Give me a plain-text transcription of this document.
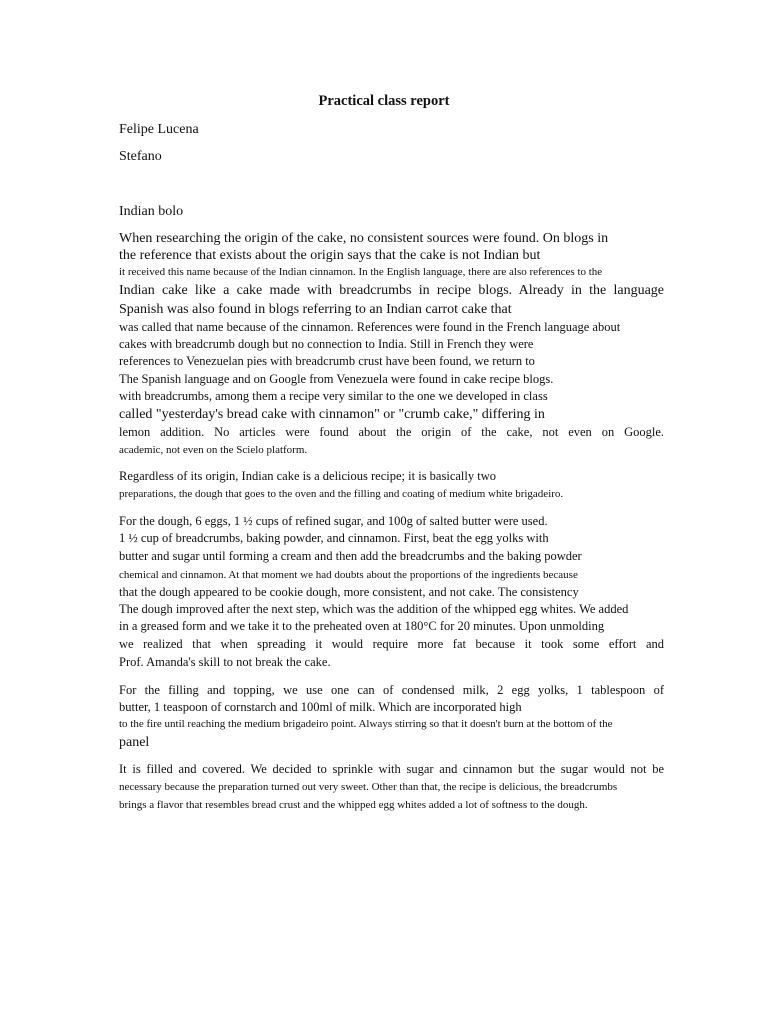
Practical class report
Felipe Lucena
Stefano
Indian bolo
When researching the origin of the cake, no consistent sources were found. On blogs in
the reference that exists about the origin says that the cake is not Indian but
it received this name because of the Indian cinnamon. In the English language, there are also references to the
Indian cake like a cake made with breadcrumbs in recipe blogs. Already in the language
Spanish was also found in blogs referring to an Indian carrot cake that
was called that name because of the cinnamon. References were found in the French language about
cakes with breadcrumb dough but no connection to India. Still in French they were
references to Venezuelan pies with breadcrumb crust have been found, we return to
The Spanish language and on Google from Venezuela were found in cake recipe blogs.
with breadcrumbs, among them a recipe very similar to the one we developed in class
called "yesterday's bread cake with cinnamon" or "crumb cake," differing in
lemon addition. No articles were found about the origin of the cake, not even on Google.
academic, not even on the Scielo platform.
Regardless of its origin, Indian cake is a delicious recipe; it is basically two
preparations, the dough that goes to the oven and the filling and coating of medium white brigadeiro.
For the dough, 6 eggs, 1 ½ cups of refined sugar, and 100g of salted butter were used.
1 ½ cup of breadcrumbs, baking powder, and cinnamon. First, beat the egg yolks with
butter and sugar until forming a cream and then add the breadcrumbs and the baking powder
chemical and cinnamon. At that moment we had doubts about the proportions of the ingredients because
that the dough appeared to be cookie dough, more consistent, and not cake. The consistency
The dough improved after the next step, which was the addition of the whipped egg whites. We added
in a greased form and we take it to the preheated oven at 180°C for 20 minutes. Upon unmolding
we realized that when spreading it would require more fat because it took some effort and
Prof. Amanda's skill to not break the cake.
For the filling and topping, we use one can of condensed milk, 2 egg yolks, 1 tablespoon of
butter, 1 teaspoon of cornstarch and 100ml of milk. Which are incorporated high
to the fire until reaching the medium brigadeiro point. Always stirring so that it doesn't burn at the bottom of the
panel
It is filled and covered. We decided to sprinkle with sugar and cinnamon but the sugar would not be
necessary because the preparation turned out very sweet. Other than that, the recipe is delicious, the breadcrumbs
brings a flavor that resembles bread crust and the whipped egg whites added a lot of softness to the dough.
